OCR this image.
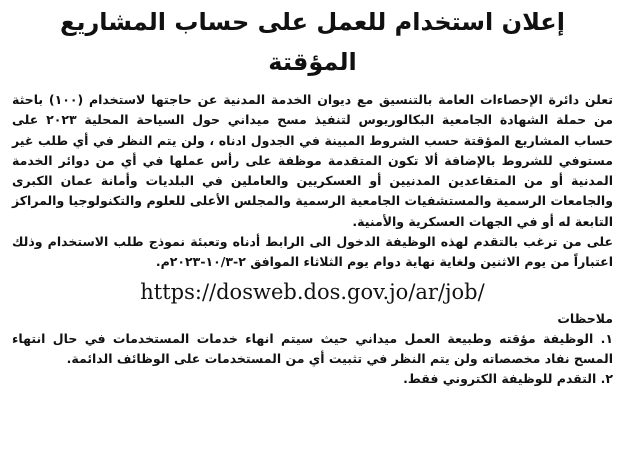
إعلان استخدام للعمل على حساب المشاريع المؤقتة

تعلن دائرة الإحصاءات العامة بالتنسيق مع ديوان الخدمة المدنية عن حاجتها لاستخدام (١٠٠) باحثة من حملة الشهادة الجامعية البكالوريوس لتنفيذ مسح ميداني حول السياحة المحلية ٢٠٢٣ على حساب المشاريع المؤقتة حسب الشروط المبينة في الجدول ادناه ، ولن يتم النظر في أي طلب غير مستوفي للشروط بالإضافة ألا تكون المتقدمة موظفة على رأس عملها في أي من دوائر الخدمة المدنية أو من المتقاعدين المدنيين أو العسكريين والعاملين في البلديات وأمانة عمان الكبرى والجامعات الرسمية والمستشفيات الجامعية الرسمية والمجلس الأعلى للعلوم والتكنولوجيا والمراكز التابعة له أو في الجهات العسكرية والأمنية.

على من ترغب بالتقدم لهذه الوظيفة الدخول الى الرابط أدناه وتعبئة نموذج طلب الاستخدام وذلك اعتباراً من يوم الاثنين ولغاية نهاية دوام يوم الثلاثاء الموافق ٢-١٠/٣-٢٠٢٣م.

https://dosweb.dos.gov.jo/ar/job/
ملاحظات

١. الوظيفة مؤقته وطبيعة العمل ميداني حيث سيتم انهاء خدمات المستخدمات في حال انتهاء المسح نفاد مخصصاته ولن يتم النظر في تثبيت أي من المستخدمات على الوظائف الدائمة.

٢. التقدم للوظيفة الكتروني فقط.
